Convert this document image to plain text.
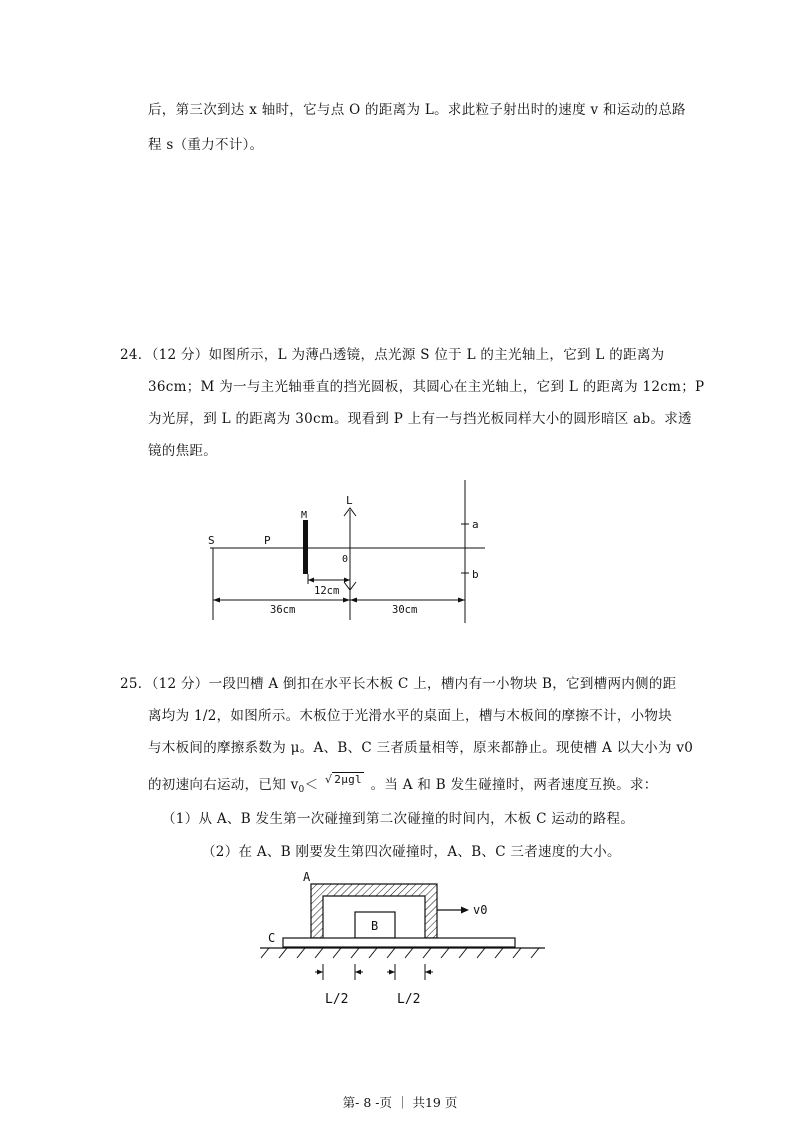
后，第三次到达 x 轴时，它与点 O 的距离为 L。求此粒子射出时的速度 v 和运动的总路
程 s（重力不计）。
24．（12 分）如图所示，L 为薄凸透镜，点光源 S 位于 L 的主光轴上，它到 L 的距离为
36cm；M 为一与主光轴垂直的挡光圆板，其圆心在主光轴上，它到 L 的距离为 12cm；P
为光屏，到 L 的距离为 30cm。现看到 P 上有一与挡光板同样大小的圆形暗区 ab。求透
镜的焦距。
S	P
M
L
0
a
b
12cm
36cm	30cm
25．（12 分）一段凹槽 A 倒扣在水平长木板 C 上，槽内有一小物块 B，它到槽两内侧的距
离均为 1/2，如图所示。木板位于光滑水平的桌面上，槽与木板间的摩擦不计，小物块
与木板间的摩擦系数为 μ。A、B、C 三者质量相等，原来都静止。现使槽 A 以大小为 v0
的初速向右运动，已知 $v_0<$ √ 2μgl 。当 A 和 B 发生碰撞时，两者速度互换。求：
（1）从 A、B 发生第一次碰撞到第二次碰撞的时间内，木板 C 运动的路程。
（2）在 A、B 刚要发生第四次碰撞时，A、B、C 三者速度的大小。
A
B
v0
C
L/2	L/2
第- 8 -页 ｜ 共19 页
